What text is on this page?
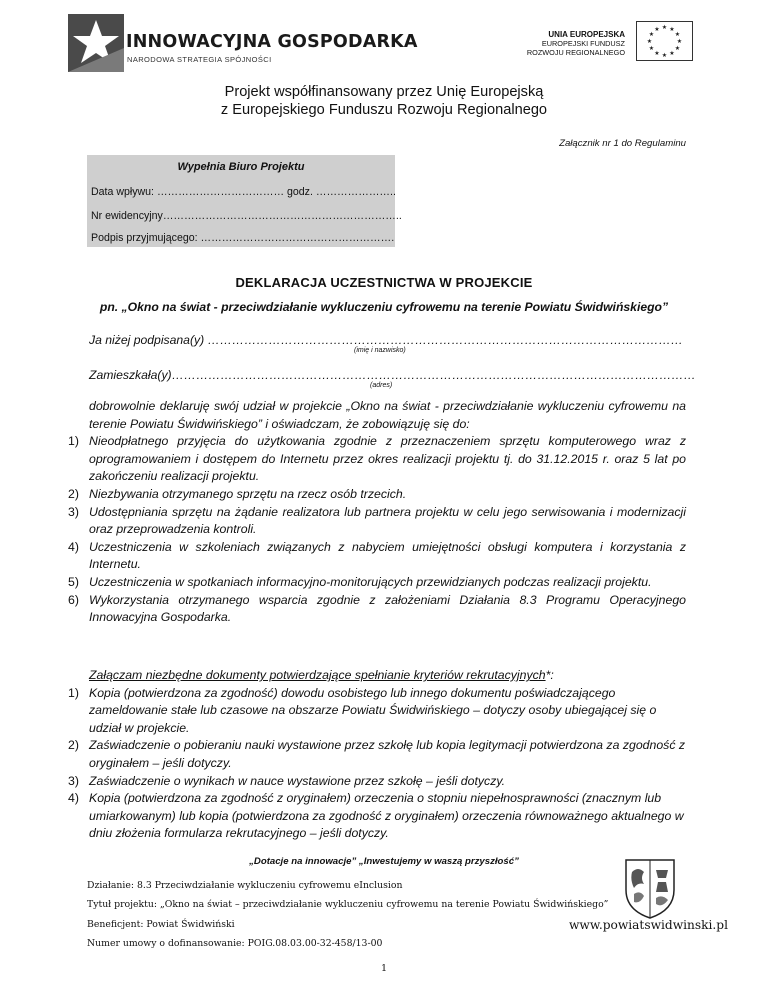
INNOWACYJNA GOSPODARKA
NARODOWA STRATEGIA SPÓJNOŚCI
UNIA EUROPEJSKA
EUROPEJSKI FUNDUSZ
ROZWOJU REGIONALNEGO
★ ★
★
★
★
★
★
★
★
★
★
★
Projekt współfinansowany przez Unię Europejską
z Europejskiego Funduszu Rozwoju Regionalnego
Załącznik nr 1 do Regulaminu
Wypełnia Biuro Projektu
Data wpływu: ……………………………… godz. …………………..
Nr ewidencyjny…………………………………………………………..
Podpis przyjmującego: ……………………………………………….
DEKLARACJA UCZESTNICTWA W PROJEKCIE
pn. „Okno na świat - przeciwdziałanie wykluczeniu cyfrowemu na terenie Powiatu Świdwińskiego”
Ja niżej podpisana(y) ………………………………………………………………………………………………………
(imię i nazwisko)
Zamieszkała(y)…………………………………………………………………………………………………………………
(adres)

dobrowolnie deklaruję swój udział w projekcie „Okno na świat - przeciwdziałanie wykluczeniu cyfrowemu na terenie Powiatu Świdwińskiego” i oświadczam, że zobowiązuję się do:

1) Nieodpłatnego przyjęcia do użytkowania zgodnie z przeznaczeniem sprzętu komputerowego wraz z oprogramowaniem i dostępem do Internetu przez okres realizacji projektu tj. do 31.12.2015 r. oraz 5 lat po zakończeniu realizacji projektu.
2) Niezbywania otrzymanego sprzętu na rzecz osób trzecich.
3) Udostępniania sprzętu na żądanie realizatora lub partnera projektu w celu jego serwisowania i modernizacji oraz przeprowadzenia kontroli.
4) Uczestniczenia w szkoleniach związanych z nabyciem umiejętności obsługi komputera i korzystania z Internetu.
5) Uczestniczenia w spotkaniach informacyjno-monitorujących przewidzianych podczas realizacji projektu.
6) Wykorzystania otrzymanego wsparcia zgodnie z założeniami Działania 8.3 Programu Operacyjnego Innowacyjna Gospodarka.

Załączam niezbędne dokumenty potwierdzające spełnianie kryteriów rekrutacyjnych*:

1) Kopia (potwierdzona za zgodność) dowodu osobistego lub innego dokumentu poświadczającego zameldowanie stałe lub czasowe na obszarze Powiatu Świdwińskiego – dotyczy osoby ubiegającej się o udział w projekcie.
2) Zaświadczenie o pobieraniu nauki wystawione przez szkołę lub kopia legitymacji potwierdzona za zgodność z oryginałem – jeśli dotyczy.
3) Zaświadczenie o wynikach w nauce wystawione przez szkołę – jeśli dotyczy.
4) Kopia (potwierdzona za zgodność z oryginałem) orzeczenia o stopniu niepełnosprawności (znacznym lub umiarkowanym) lub kopia (potwierdzona za zgodność z oryginałem) orzeczenia równoważnego aktualnego w dniu złożenia formularza rekrutacyjnego – jeśli dotyczy.
„Dotacje na innowacje” „Inwestujemy w waszą przyszłość”
Działanie: 8.3 Przeciwdziałanie wykluczeniu cyfrowemu eInclusion
Tytuł projektu: „Okno na świat – przeciwdziałanie wykluczeniu cyfrowemu na terenie Powiatu Świdwińskiego”
Beneficjent: Powiat Świdwiński
Numer umowy o dofinansowanie: POIG.08.03.00-32-458/13-00
www.powiatswidwinski.pl
1
